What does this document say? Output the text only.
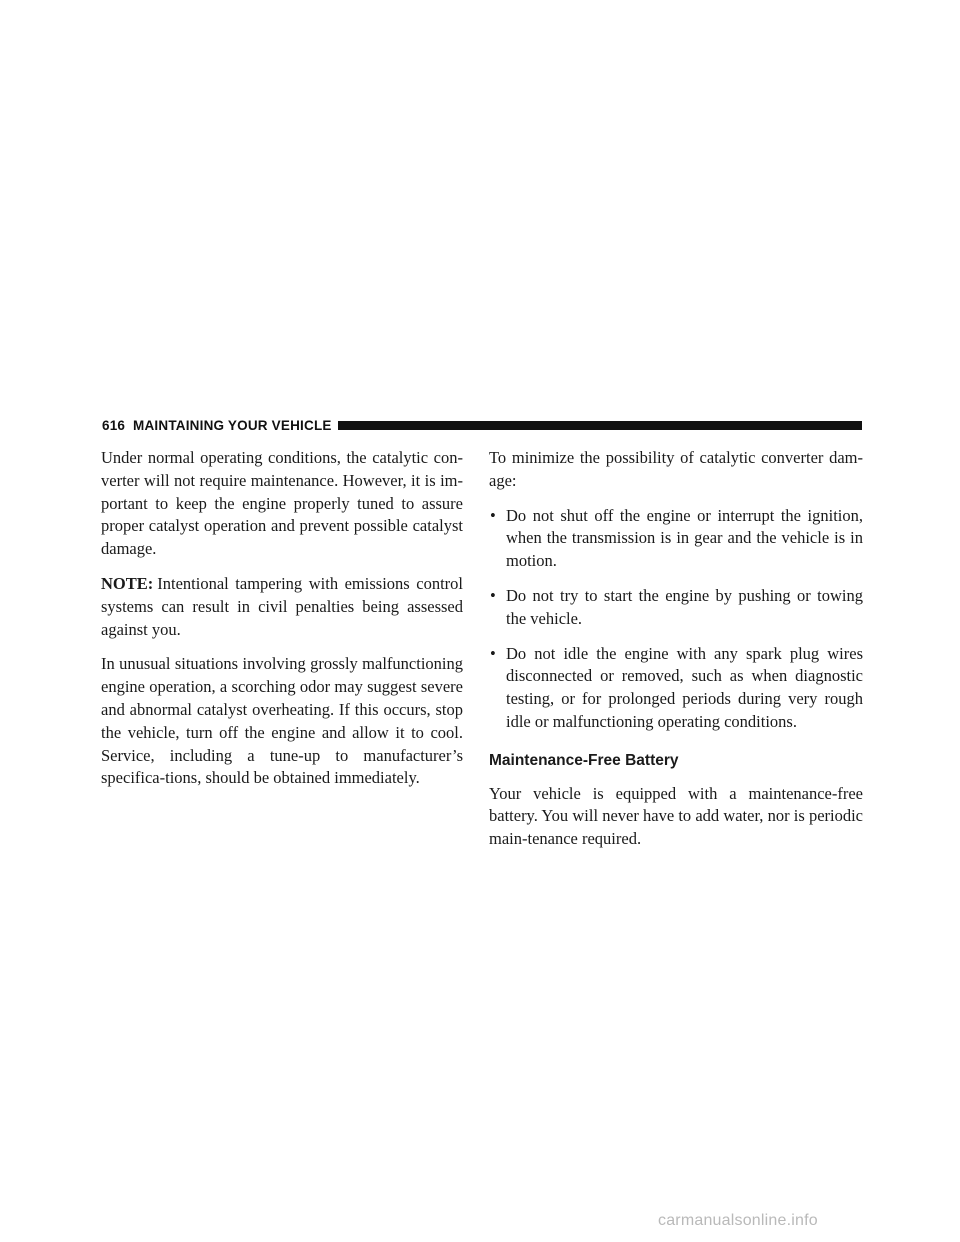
616 MAINTAINING YOUR VEHICLE

Under normal operating conditions, the catalytic con-verter will not require maintenance. However, it is im-portant to keep the engine properly tuned to assure proper catalyst operation and prevent possible catalyst damage.

NOTE: Intentional tampering with emissions control systems can result in civil penalties being assessed against you.

In unusual situations involving grossly malfunctioning engine operation, a scorching odor may suggest severe and abnormal catalyst overheating. If this occurs, stop the vehicle, turn off the engine and allow it to cool. Service, including a tune-up to manufacturer’s specifica-tions, should be obtained immediately.

To minimize the possibility of catalytic converter dam-age:

• Do not shut off the engine or interrupt the ignition, when the transmission is in gear and the vehicle is in motion.
• Do not try to start the engine by pushing or towing the vehicle.
• Do not idle the engine with any spark plug wires disconnected or removed, such as when diagnostic testing, or for prolonged periods during very rough idle or malfunctioning operating conditions.
Maintenance-Free Battery

Your vehicle is equipped with a maintenance-free battery. You will never have to add water, nor is periodic main-tenance required.

carmanualsonline.info
